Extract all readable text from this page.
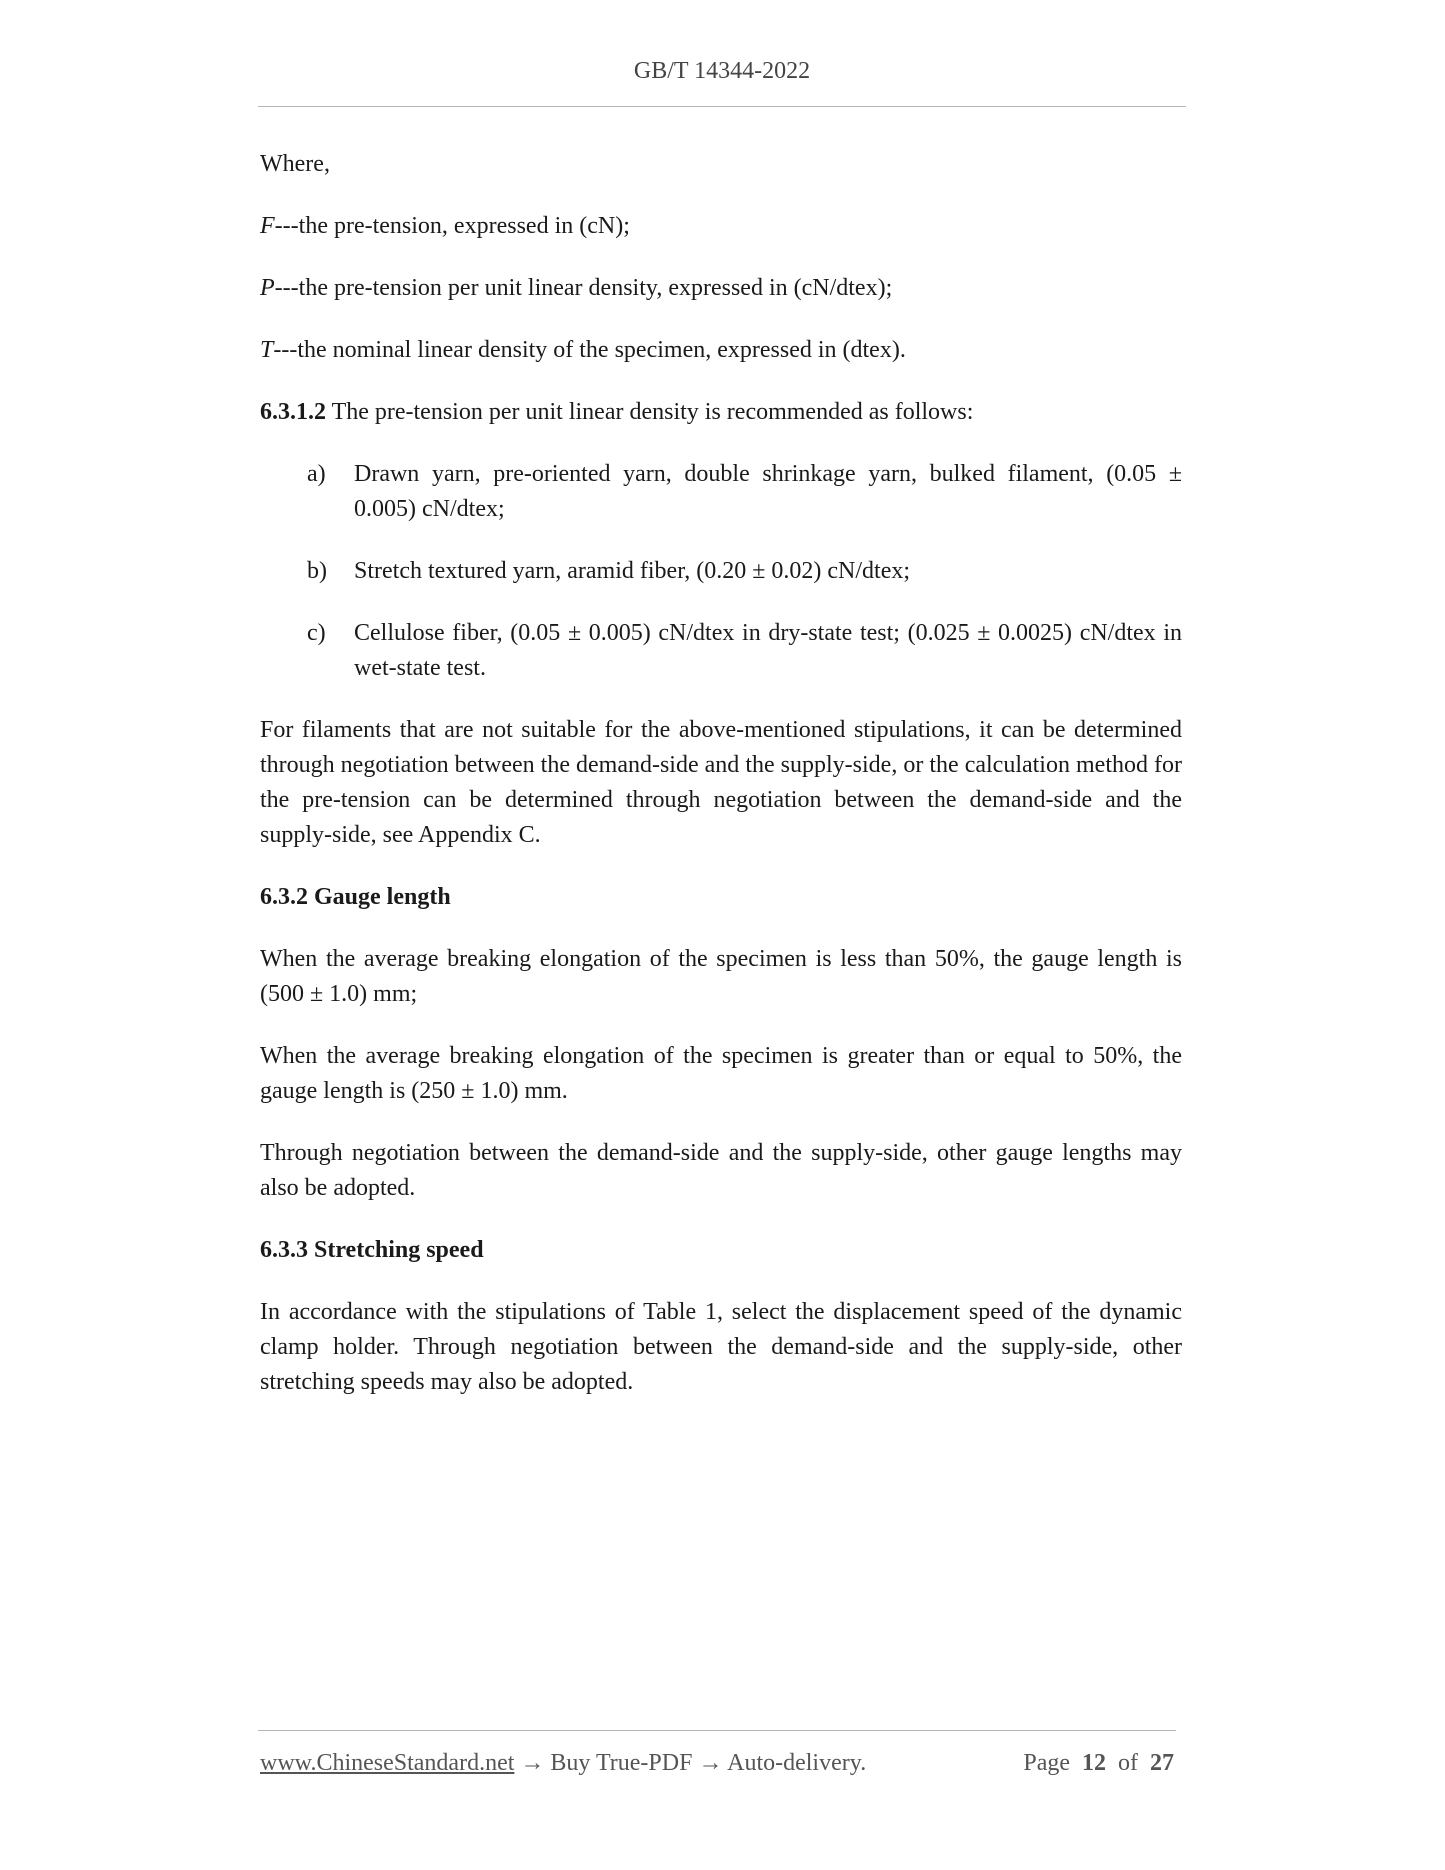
GB/T 14344-2022

Where,

F---the pre-tension, expressed in (cN);

P---the pre-tension per unit linear density, expressed in (cN/dtex);

T---the nominal linear density of the specimen, expressed in (dtex).

6.3.1.2 The pre-tension per unit linear density is recommended as follows:

a) Drawn yarn, pre-oriented yarn, double shrinkage yarn, bulked filament, (0.05 ± 0.005) cN/dtex;
b) Stretch textured yarn, aramid fiber, (0.20 ± 0.02) cN/dtex;
c) Cellulose fiber, (0.05 ± 0.005) cN/dtex in dry-state test; (0.025 ± 0.0025) cN/dtex in wet-state test.

For filaments that are not suitable for the above-mentioned stipulations, it can be determined through negotiation between the demand-side and the supply-side, or the calculation method for the pre-tension can be determined through negotiation between the demand-side and the supply-side, see Appendix C.

6.3.2 Gauge length

When the average breaking elongation of the specimen is less than 50%, the gauge length is (500 ± 1.0) mm;

When the average breaking elongation of the specimen is greater than or equal to 50%, the gauge length is (250 ± 1.0) mm.

Through negotiation between the demand-side and the supply-side, other gauge lengths may also be adopted.

6.3.3 Stretching speed

In accordance with the stipulations of Table 1, select the displacement speed of the dynamic clamp holder. Through negotiation between the demand-side and the supply-side, other stretching speeds may also be adopted.

www.ChineseStandard.net → Buy True-PDF → Auto-delivery.	Page 12 of 27
